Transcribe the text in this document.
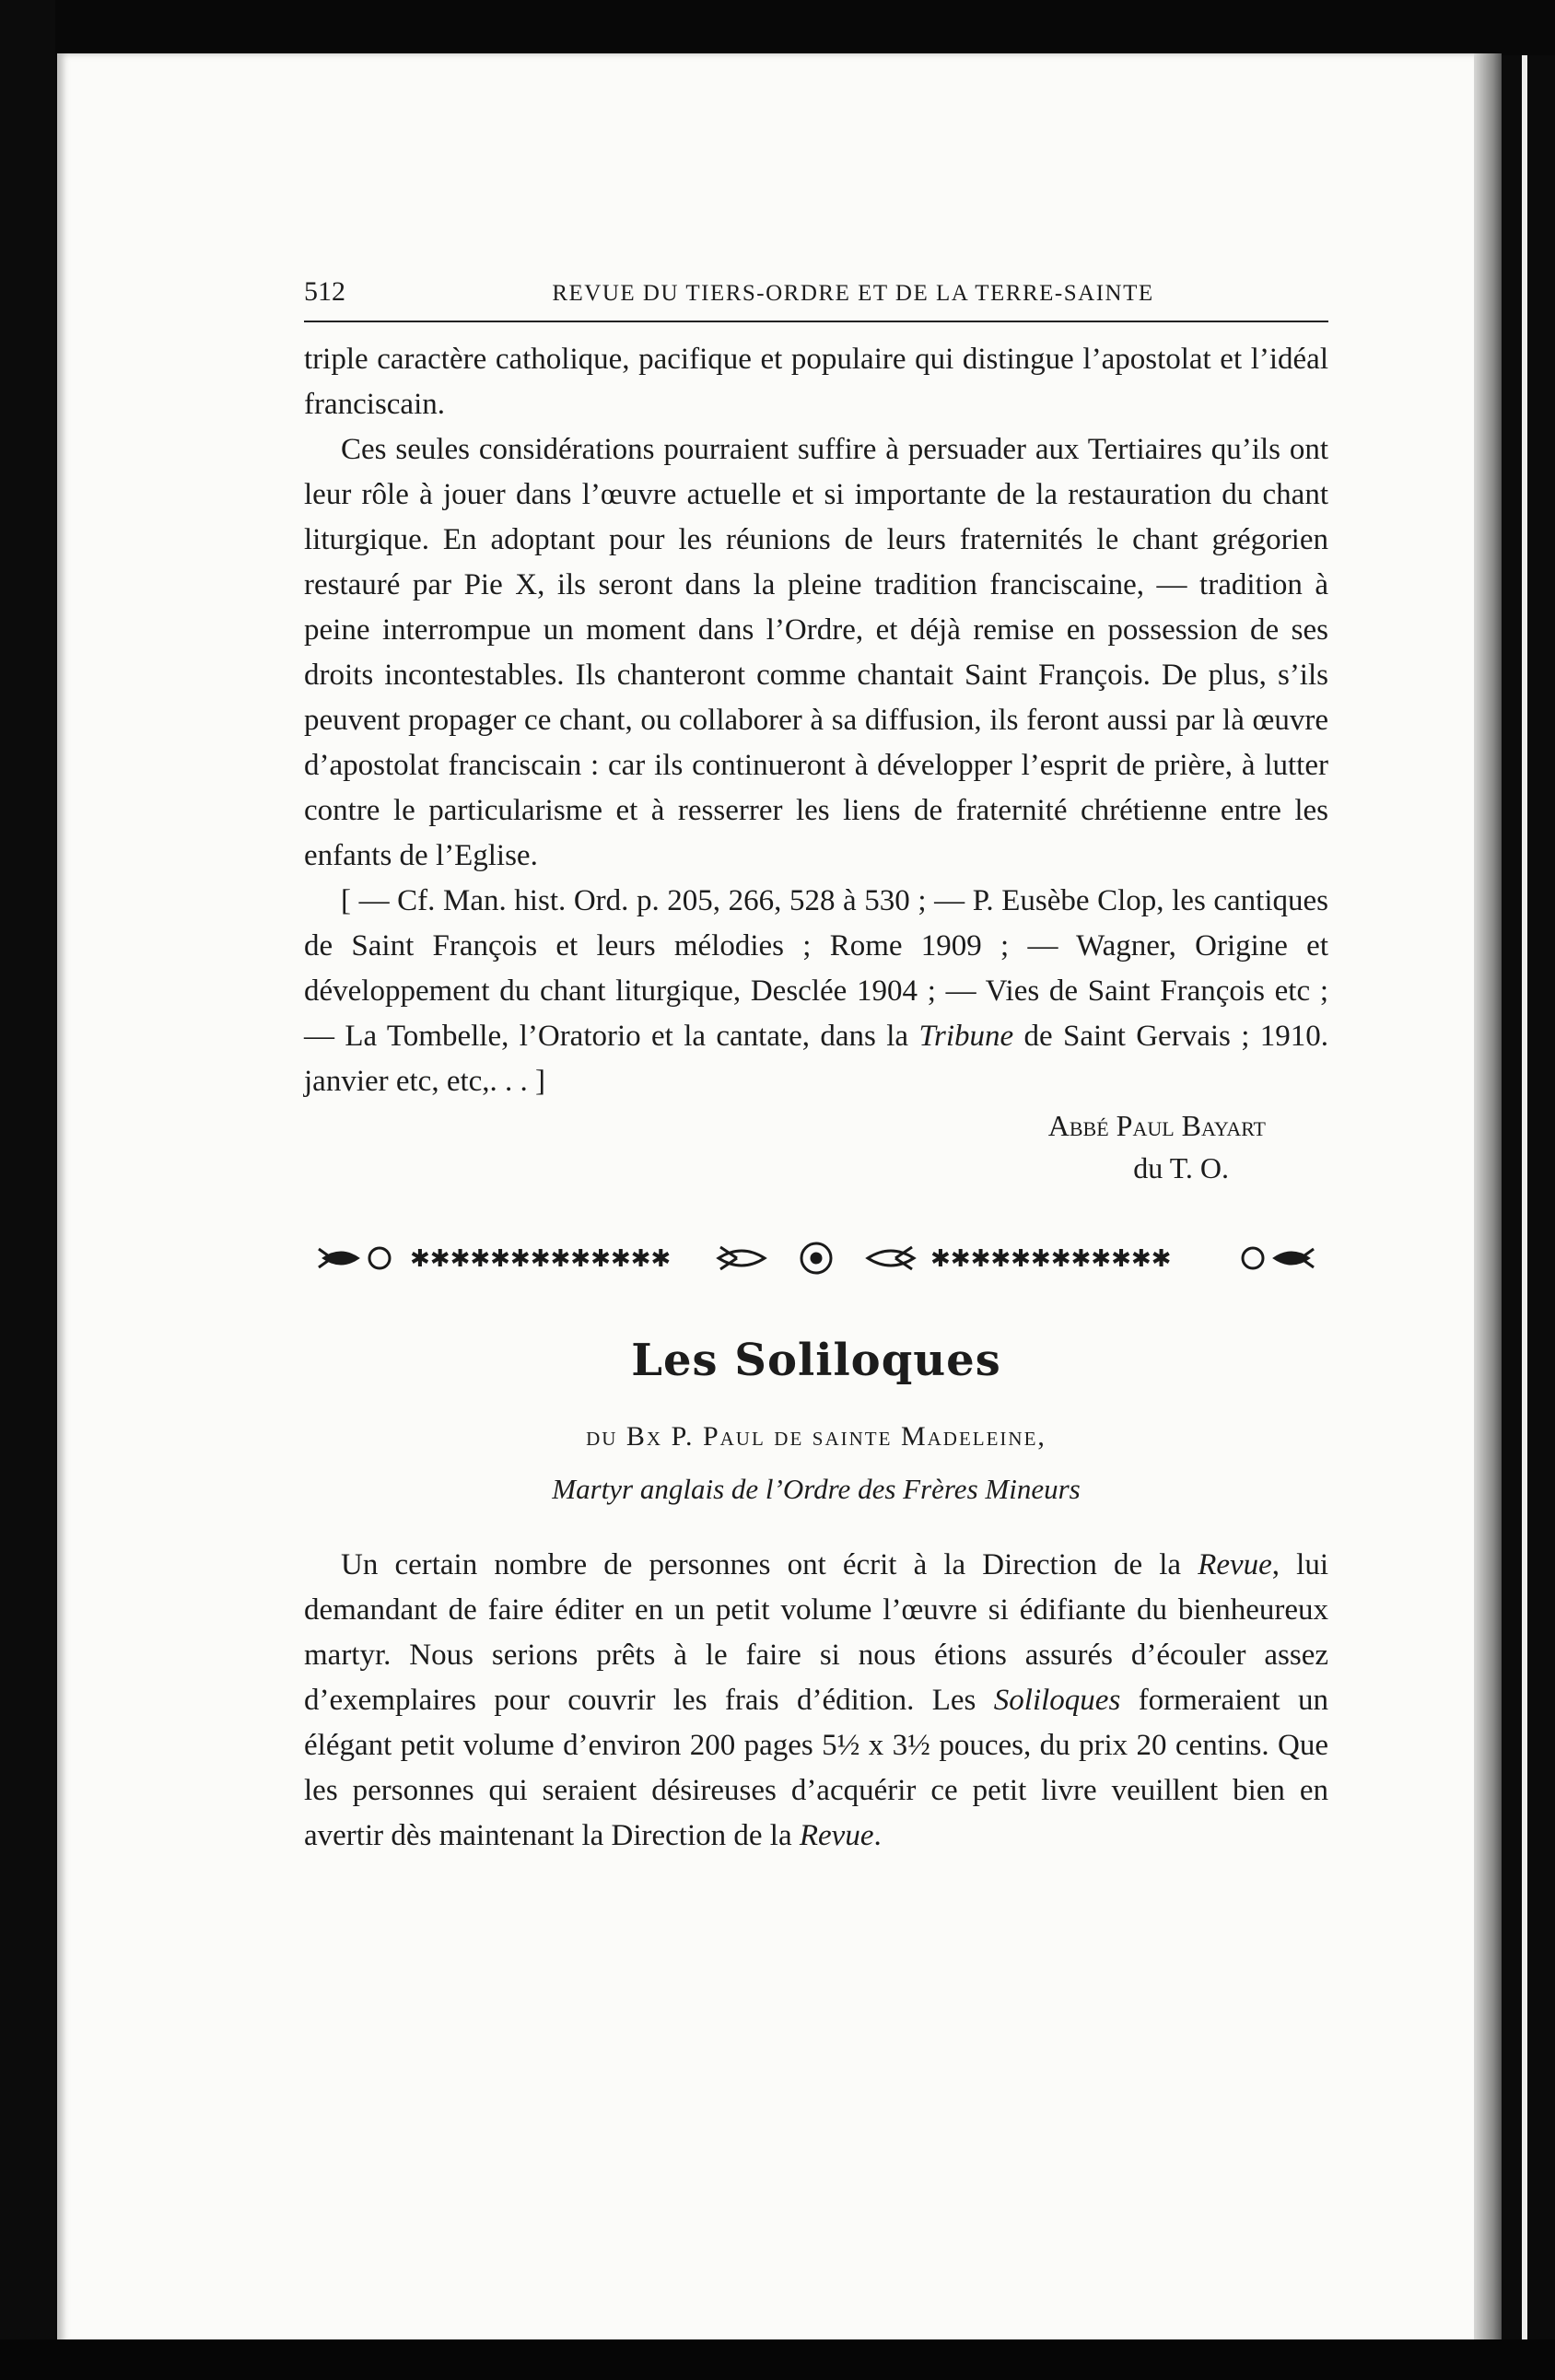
512	REVUE DU TIERS-ORDRE ET DE LA TERRE-SAINTE

triple caractère catholique, pacifique et populaire qui distingue l’apostolat et l’idéal franciscain.

Ces seules considérations pourraient suffire à persuader aux Tertiaires qu’ils ont leur rôle à jouer dans l’œuvre actuelle et si importante de la restauration du chant liturgique. En adoptant pour les réunions de leurs fraternités le chant grégorien restauré par Pie X, ils seront dans la pleine tradition franciscaine, — tradition à peine interrompue un moment dans l’Ordre, et déjà remise en possession de ses droits incontestables. Ils chanteront comme chantait Saint François. De plus, s’ils peuvent propager ce chant, ou collaborer à sa diffusion, ils feront aussi par là œuvre d’apostolat franciscain : car ils continueront à développer l’esprit de prière, à lutter contre le particularisme et à resserrer les liens de fraternité chrétienne entre les enfants de l’Eglise.

[ — Cf. Man. hist. Ord. p. 205, 266, 528 à 530 ; — P. Eusèbe Clop, les cantiques de Saint François et leurs mélodies ; Rome 1909 ; — Wagner, Origine et développement du chant liturgique, Desclée 1904 ; — Vies de Saint François etc ; — La Tombelle, l’Oratorio et la cantate, dans la Tribune de Saint Gervais ; 1910. janvier etc, etc,. . . ]

Abbé Paul Bayart
du T. O.
✱✱✱✱✱✱✱✱✱✱✱✱✱	✱✱✱✱✱✱✱✱✱✱✱✱
Les Soliloques
du Bx P. Paul de sainte Madeleine,
Martyr anglais de l’Ordre des Frères Mineurs

Un certain nombre de personnes ont écrit à la Direction de la Revue, lui demandant de faire éditer en un petit volume l’œuvre si édifiante du bienheureux martyr. Nous serions prêts à le faire si nous étions assurés d’écouler assez d’exemplaires pour couvrir les frais d’édition. Les Soliloques formeraient un élégant petit volume d’environ 200 pages 5½ x 3½ pouces, du prix 20 centins. Que les personnes qui seraient désireuses d’acquérir ce petit livre veuillent bien en avertir dès maintenant la Direction de la Revue.
